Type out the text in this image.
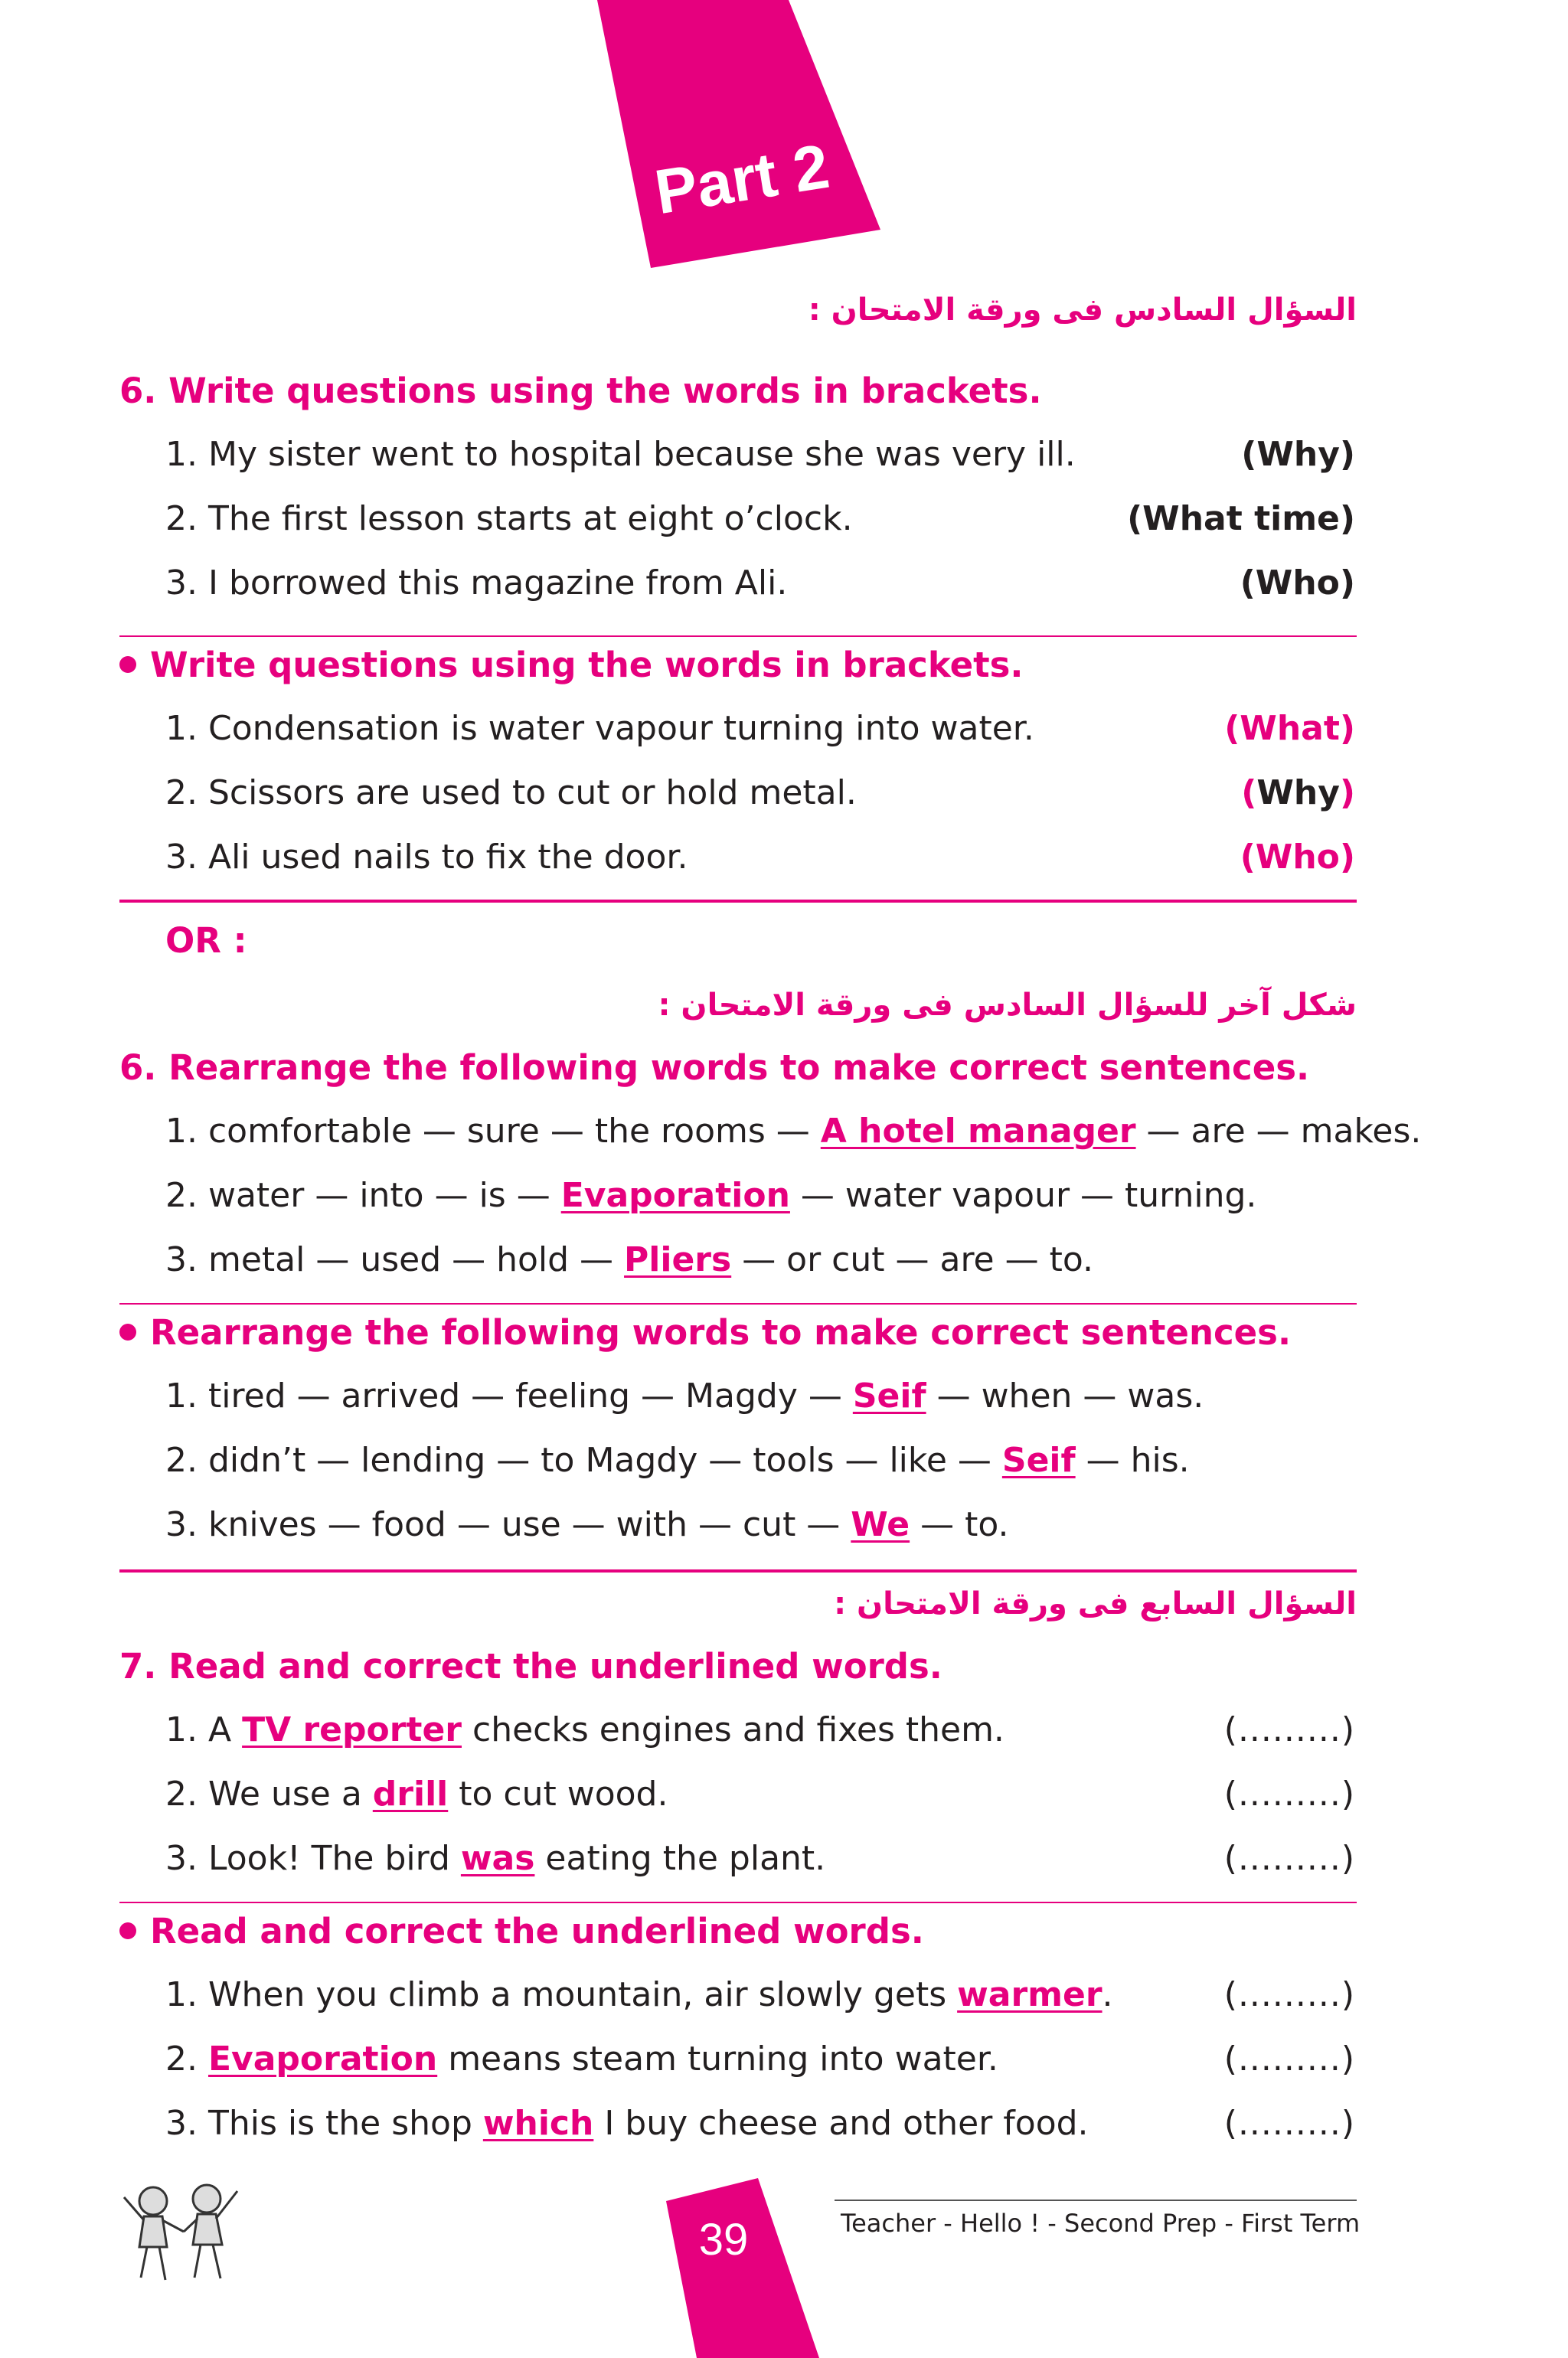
Part 2
السؤال السادس فى ورقة الامتحان :
6. Write questions using the words in brackets.
1. My sister went to hospital because she was very ill.	(Why)
2. The first lesson starts at eight o’clock.	(What time)
3. I borrowed this magazine from Ali.	(Who)
Write questions using the words in brackets.
1. Condensation is water vapour turning into water.	(What)
2. Scissors are used to cut or hold metal.	(Why)
3. Ali used nails to fix the door.	(Who)
OR :
شكل آخر للسؤال السادس فى ورقة الامتحان :
6. Rearrange the following words to make correct sentences.
1. comfortable — sure — the rooms — A hotel manager — are — makes.
2. water — into — is — Evaporation — water vapour — turning.
3. metal — used — hold — Pliers — or cut — are — to.
Rearrange the following words to make correct sentences.
1. tired — arrived — feeling — Magdy — Seif — when — was.
2. didn’t — lending — to Magdy — tools — like — Seif — his.
3. knives — food — use — with — cut — We — to.
السؤال السابع فى ورقة الامتحان :
7. Read and correct the underlined words.
1. A TV reporter checks engines and fixes them.	(.........)
2. We use a drill to cut wood.	(.........)
3. Look! The bird was eating the plant.	(.........)
Read and correct the underlined words.
1. When you climb a mountain, air slowly gets warmer.	(.........)
2. Evaporation means steam turning into water.	(.........)
3. This is the shop which I buy cheese and other food.	(.........)
39	Teacher - Hello ! - Second Prep - First Term
